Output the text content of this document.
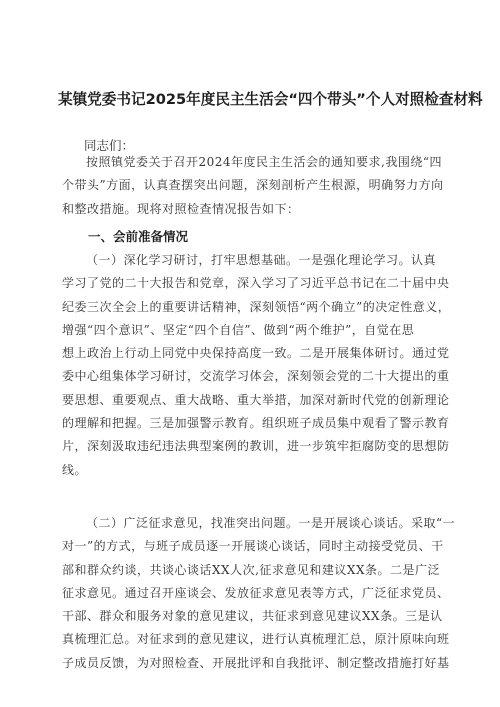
某镇党委书记2025年度民主生活会“四个带头”个人对照检查材料
同志们：
按照镇党委关于召开2024年度民主生活会的通知要求,我围绕“四
个带头”方面，认真查摆突出问题，深刻剖析产生根源，明确努力方向
和整改措施。现将对照检查情况报告如下：
一、会前准备情况
（一）深化学习研讨，打牢思想基础。一是强化理论学习。认真
学习了党的二十大报告和党章，深入学习了习近平总书记在二十届中央
纪委三次全会上的重要讲话精神，深刻领悟“两个确立”的决定性意义，
增强“四个意识”、坚定“四个自信”、做到“两个维护”，自觉在思
想上政治上行动上同党中央保持高度一致。二是开展集体研讨。通过党
委中心组集体学习研讨，交流学习体会，深刻领会党的二十大提出的重
要思想、重要观点、重大战略、重大举措，加深对新时代党的创新理论
的理解和把握。三是加强警示教育。组织班子成员集中观看了警示教育
片，深刻汲取违纪违法典型案例的教训，进一步筑牢拒腐防变的思想防
线。
（二）广泛征求意见，找准突出问题。一是开展谈心谈话。采取“一
对一”的方式，与班子成员逐一开展谈心谈话，同时主动接受党员、干
部和群众约谈，共谈心谈话XX人次,征求意见和建议XX条。二是广泛
征求意见。通过召开座谈会、发放征求意见表等方式，广泛征求党员、
干部、群众和服务对象的意见建议，共征求到意见建议XX条。三是认
真梳理汇总。对征求到的意见建议，进行认真梳理汇总，原汁原味向班
子成员反馈，为对照检查、开展批评和自我批评、制定整改措施打好基
